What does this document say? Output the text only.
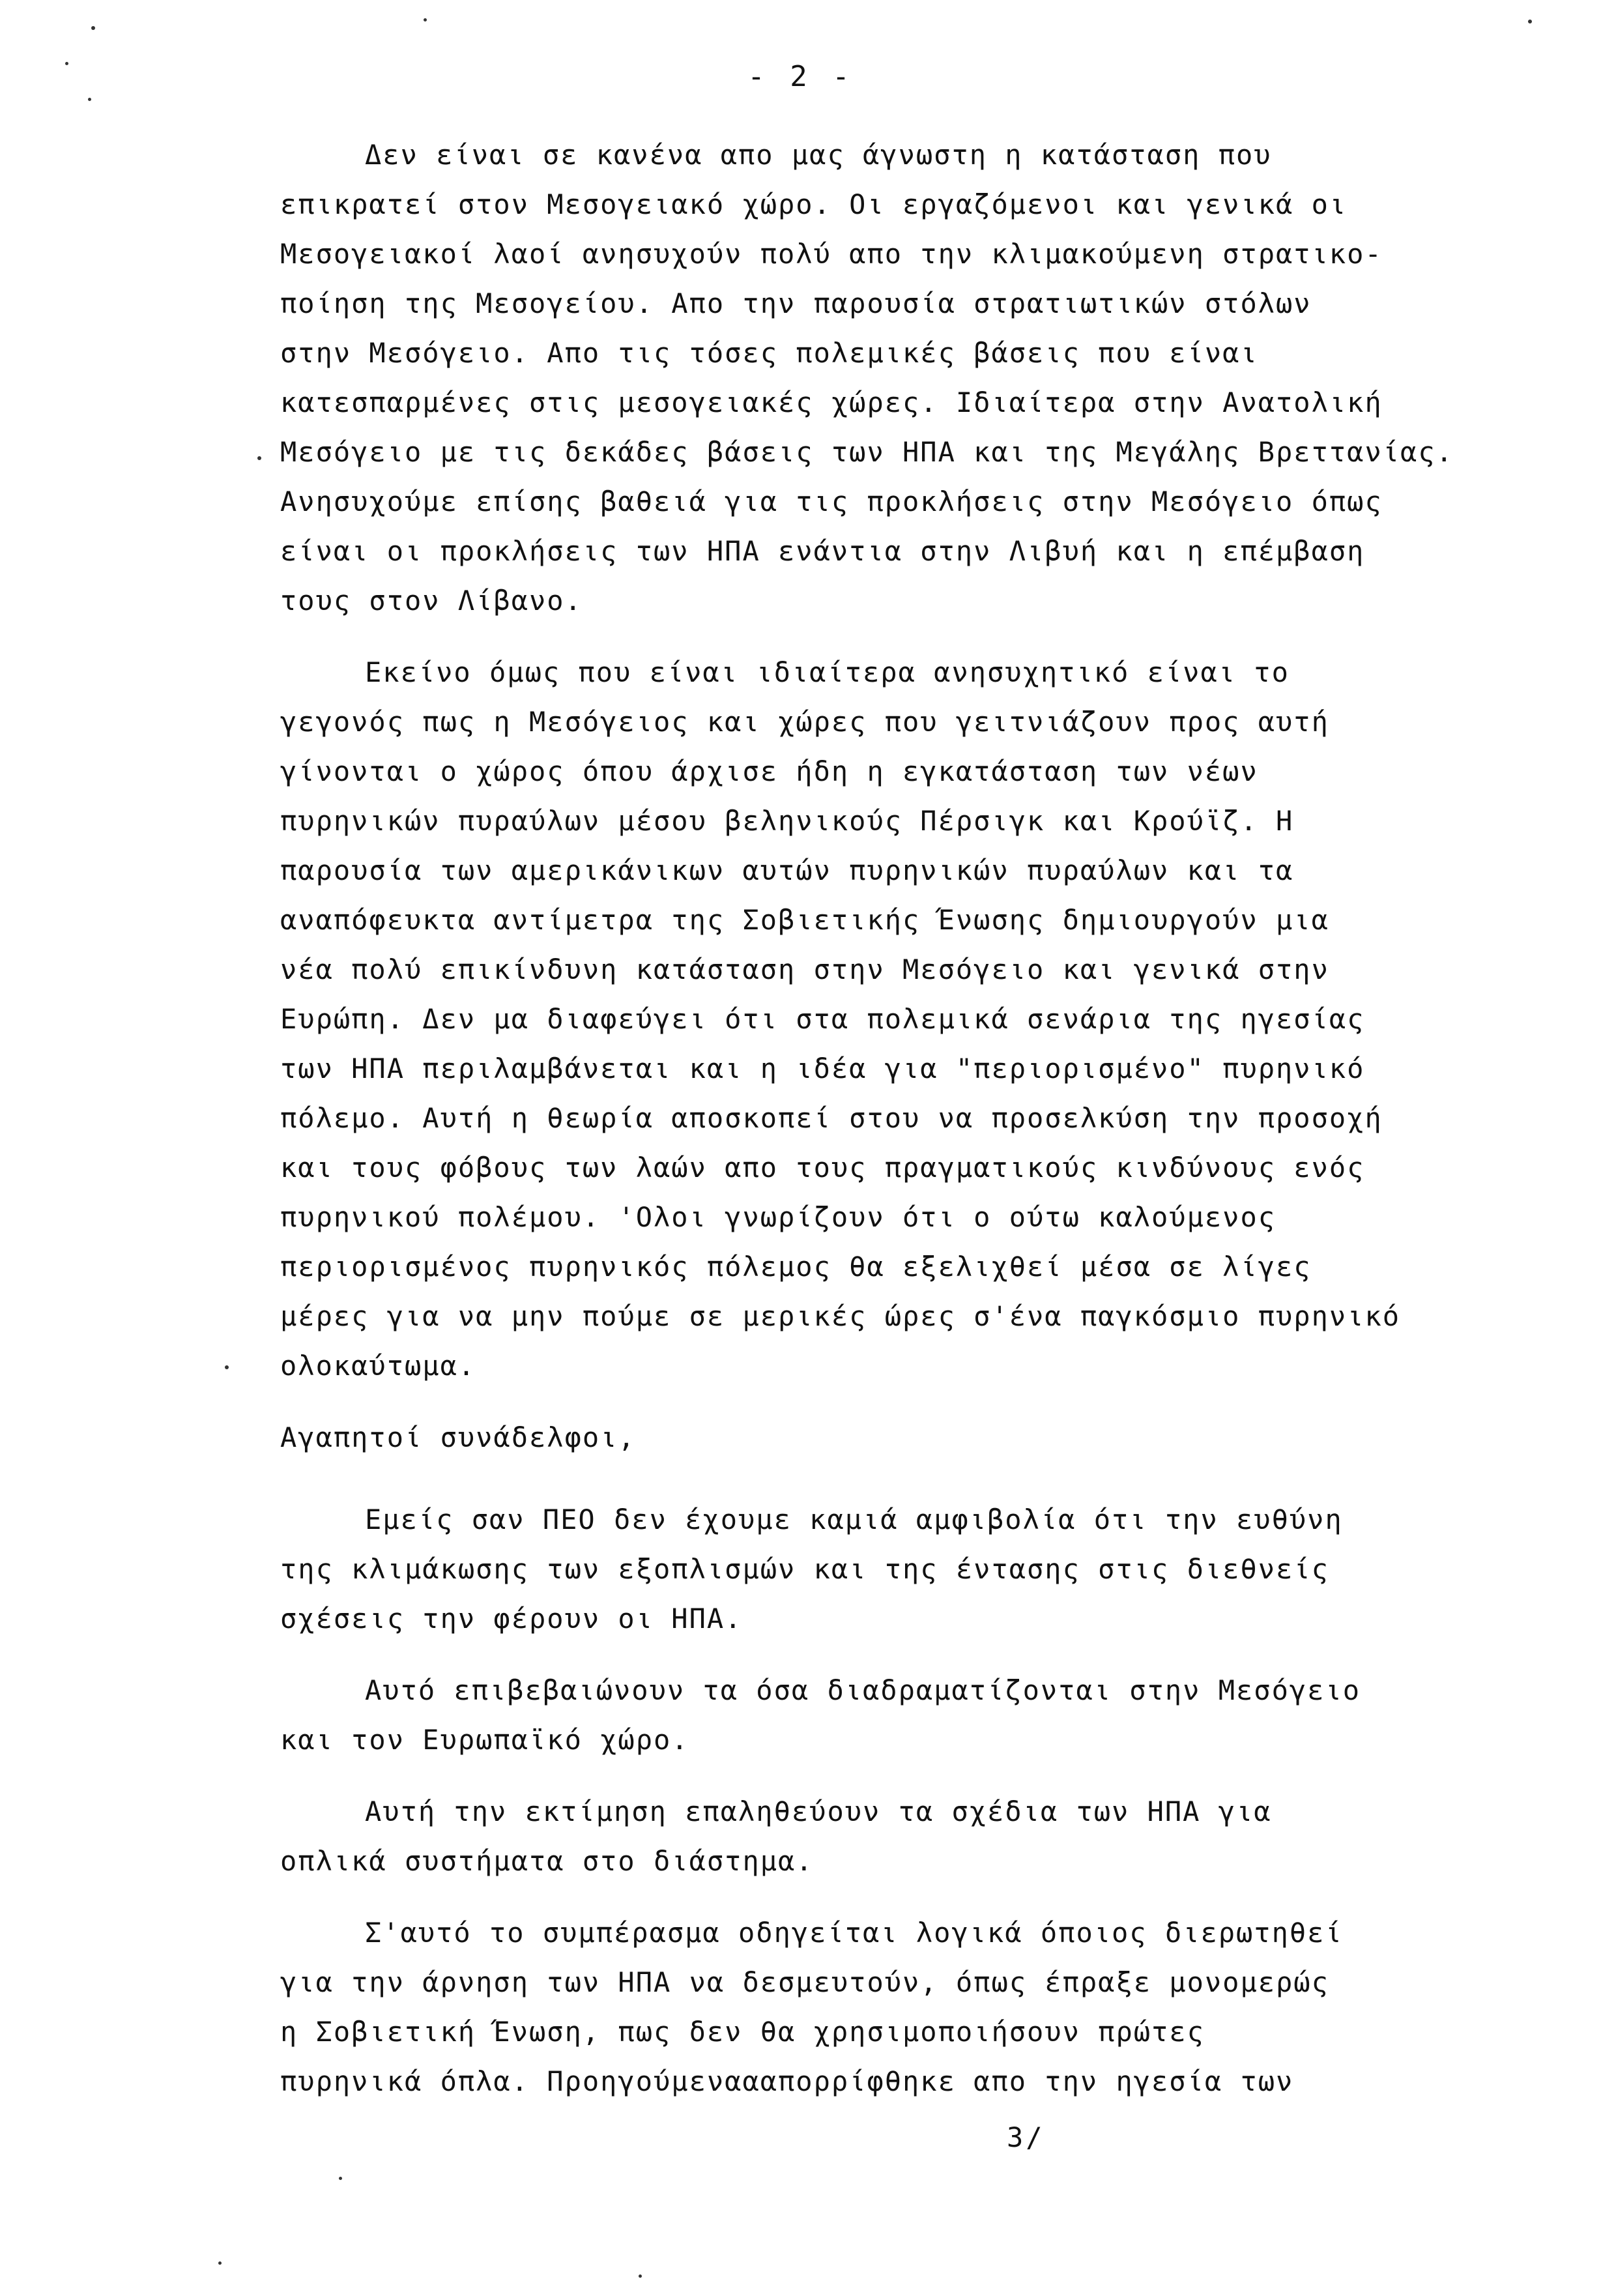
- 2 -
Δεν είναι σε κανένα απο μας άγνωστη η κατάσταση που
επικρατεί στον Μεσογειακό χώρο. Οι εργαζόμενοι και γενικά οι
Μεσογειακοί λαοί ανησυχούν πολύ απο την κλιμακούμενη στρατικο-
ποίηση της Μεσογείου. Απο την παρουσία στρατιωτικών στόλων
στην Μεσόγειο. Απο τις τόσες πολεμικές βάσεις που είναι
κατεσπαρμένες στις μεσογειακές χώρες. Ιδιαίτερα στην Ανατολική
Μεσόγειο με τις δεκάδες βάσεις των ΗΠΑ και της Μεγάλης Βρεττανίας.
Ανησυχούμε επίσης βαθειά για τις προκλήσεις στην Μεσόγειο όπως
είναι οι προκλήσεις των ΗΠΑ ενάντια στην Λιβυή και η επέμβαση
τους στον Λίβανο.
Εκείνο όμως που είναι ιδιαίτερα ανησυχητικό είναι το
γεγονός πως η Μεσόγειος και χώρες που γειτνιάζουν προς αυτή
γίνονται ο χώρος όπου άρχισε ήδη η εγκατάσταση των νέων
πυρηνικών πυραύλων μέσου βεληνικούς Πέρσιγκ και Κρούϊζ. Η
παρουσία των αμερικάνικων αυτών πυρηνικών πυραύλων και τα
αναπόφευκτα αντίμετρα της Σοβιετικής Ένωσης δημιουργούν μια
νέα πολύ επικίνδυνη κατάσταση στην Μεσόγειο και γενικά στην
Ευρώπη. Δεν μα διαφεύγει ότι στα πολεμικά σενάρια της ηγεσίας
των ΗΠΑ περιλαμβάνεται και η ιδέα για "περιορισμένο" πυρηνικό
πόλεμο. Αυτή η θεωρία αποσκοπεί στου να προσελκύση την προσοχή
και τους φόβους των λαών απο τους πραγματικούς κινδύνους ενός
πυρηνικού πολέμου. 'Ολοι γνωρίζουν ότι ο ούτω καλούμενος
περιορισμένος πυρηνικός πόλεμος θα εξελιχθεί μέσα σε λίγες
μέρες για να μην πούμε σε μερικές ώρες σ'ένα παγκόσμιο πυρηνικό
ολοκαύτωμα.
Αγαπητοί συνάδελφοι,
Εμείς σαν ΠΕΟ δεν έχουμε καμιά αμφιβολία ότι την ευθύνη
της κλιμάκωσης των εξοπλισμών και της έντασης στις διεθνείς
σχέσεις την φέρουν οι ΗΠΑ.
Αυτό επιβεβαιώνουν τα όσα διαδραματίζονται στην Μεσόγειο
και τον Ευρωπαϊκό χώρο.
Αυτή την εκτίμηση επαληθεύουν τα σχέδια των ΗΠΑ για
οπλικά συστήματα στο διάστημα.
Σ'αυτό το συμπέρασμα οδηγείται λογικά όποιος διερωτηθεί
για την άρνηση των ΗΠΑ να δεσμευτούν, όπως έπραξε μονομερώς
η Σοβιετική Ένωση, πως δεν θα χρησιμοποιήσουν πρώτες
πυρηνικά όπλα. Προηγούμεναααπορρίφθηκε απο την ηγεσία των
3/
